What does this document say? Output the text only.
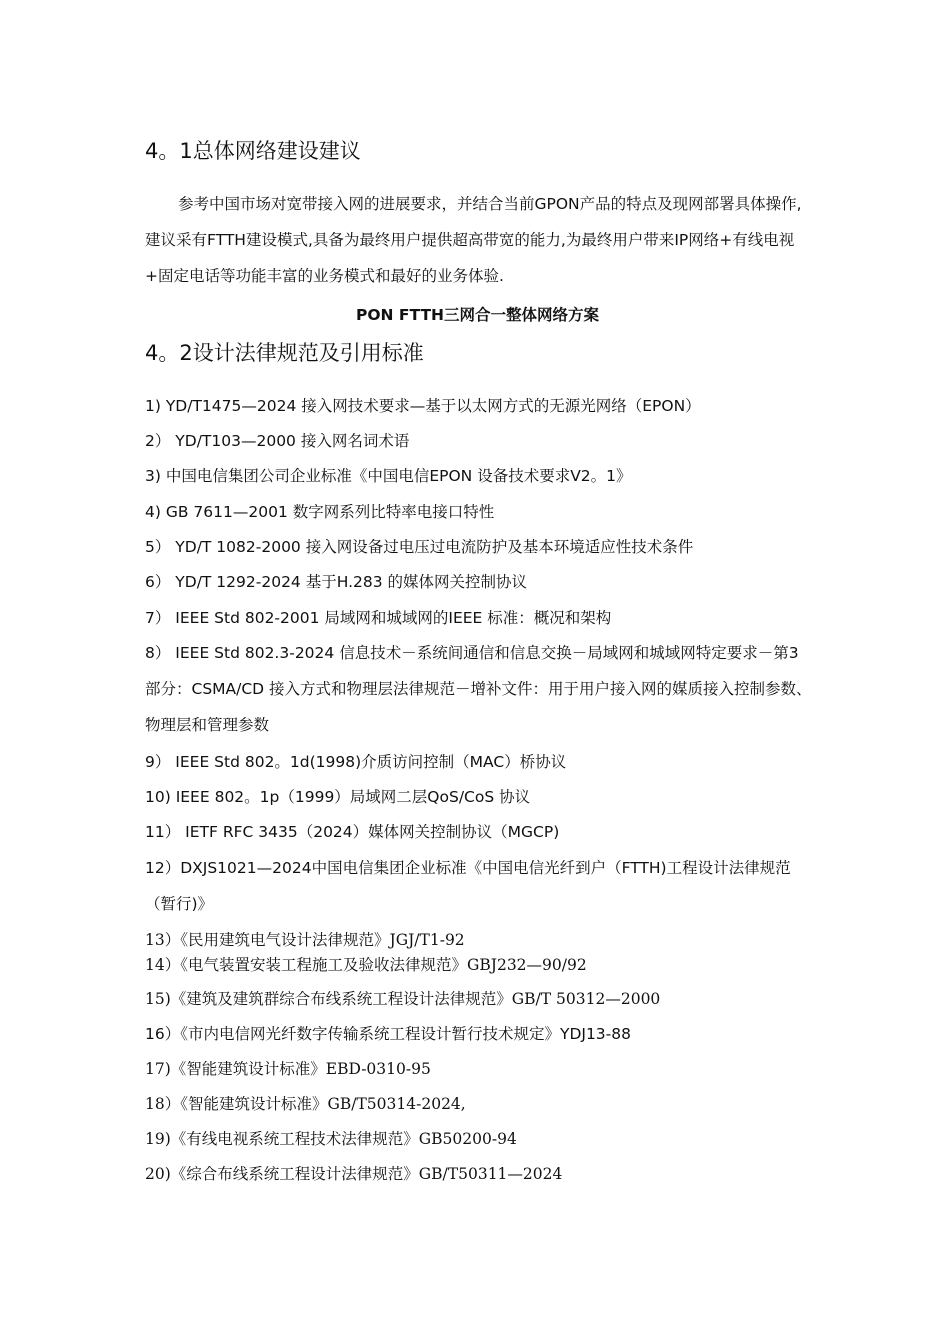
4。1总体网络建设建议

参考中国市场对宽带接入网的进展要求，并结合当前GPON产品的特点及现网部署具体操作,建议采有FTTH建设模式,具备为最终用户提供超高带宽的能力,为最终用户带来IP网络+有线电视+固定电话等功能丰富的业务模式和最好的业务体验.

PON FTTH三网合一整体网络方案

4。2设计法律规范及引用标准

1) YD/T1475—2024 接入网技术要求—基于以太网方式的无源光网络（EPON）

2） YD/T103—2000 接入网名词术语

3) 中国电信集团公司企业标准《中国电信EPON 设备技术要求V2。1》

4) GB 7611—2001 数字网系列比特率电接口特性

5） YD/T 1082-2000 接入网设备过电压过电流防护及基本环境适应性技术条件

6） YD/T 1292-2024 基于H.283 的媒体网关控制协议

7） IEEE Std 802-2001 局域网和城域网的IEEE 标准：概况和架构

8） IEEE Std 802.3-2024 信息技术－系统间通信和信息交换－局域网和城域网特定要求－第3 部分：CSMA/CD 接入方式和物理层法律规范－增补文件：用于用户接入网的媒质接入控制参数、物理层和管理参数

9） IEEE Std 802。1d(1998)介质访问控制（MAC）桥协议

10) IEEE 802。1p（1999）局域网二层QoS/CoS 协议

11） IETF RFC 3435（2024）媒体网关控制协议（MGCP)

12）DXJS1021—2024中国电信集团企业标准《中国电信光纤到户（FTTH)工程设计法律规范（暂行)》

13）《民用建筑电气设计法律规范》JGJ/T1-92

14）《电气装置安装工程施工及验收法律规范》GBJ232—90/92

15)《建筑及建筑群综合布线系统工程设计法律规范》GB/T 50312—2000

16）《市内电信网光纤数字传输系统工程设计暂行技术规定》YDJ13-88

17)《智能建筑设计标准》EBD-0310-95

18）《智能建筑设计标准》GB/T50314-2024,

19)《有线电视系统工程技术法律规范》GB50200-94

20)《综合布线系统工程设计法律规范》GB/T50311—2024
